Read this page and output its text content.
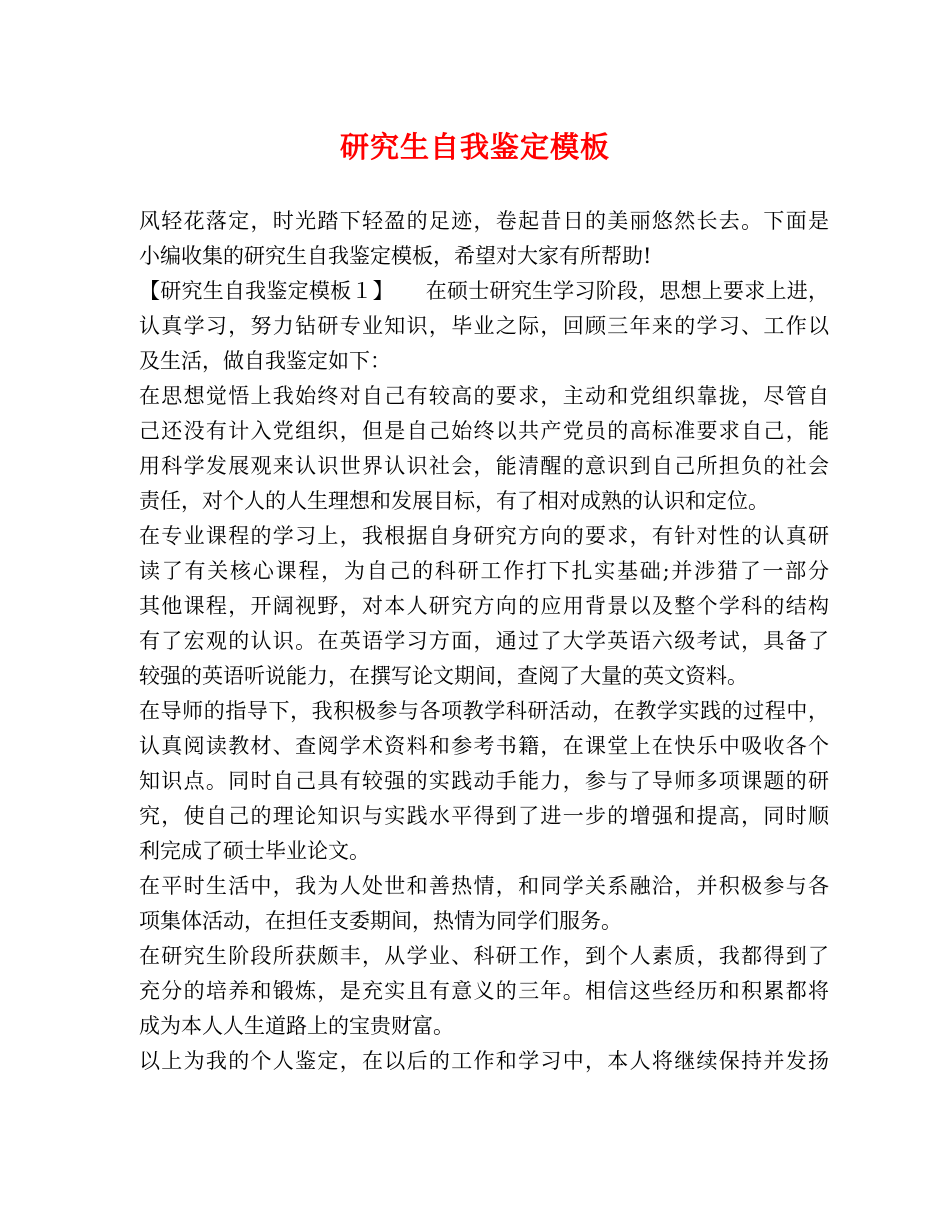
研究生自我鉴定模板
风轻花落定，时光踏下轻盈的足迹，卷起昔日的美丽悠然长去。下面是
小编收集的研究生自我鉴定模板，希望对大家有所帮助!
【研究生自我鉴定模板１】　　在硕士研究生学习阶段，思想上要求上进，
认真学习，努力钻研专业知识，毕业之际，回顾三年来的学习、工作以
及生活，做自我鉴定如下：
在思想觉悟上我始终对自己有较高的要求，主动和党组织靠拢，尽管自
己还没有计入党组织，但是自己始终以共产党员的高标准要求自己，能
用科学发展观来认识世界认识社会，能清醒的意识到自己所担负的社会
责任，对个人的人生理想和发展目标，有了相对成熟的认识和定位。
在专业课程的学习上，我根据自身研究方向的要求，有针对性的认真研
读了有关核心课程，为自己的科研工作打下扎实基础;并涉猎了一部分
其他课程，开阔视野，对本人研究方向的应用背景以及整个学科的结构
有了宏观的认识。在英语学习方面，通过了大学英语六级考试，具备了
较强的英语听说能力，在撰写论文期间，查阅了大量的英文资料。
在导师的指导下，我积极参与各项教学科研活动，在教学实践的过程中，
认真阅读教材、查阅学术资料和参考书籍，在课堂上在快乐中吸收各个
知识点。同时自己具有较强的实践动手能力，参与了导师多项课题的研
究，使自己的理论知识与实践水平得到了进一步的增强和提高，同时顺
利完成了硕士毕业论文。
在平时生活中，我为人处世和善热情，和同学关系融洽，并积极参与各
项集体活动，在担任支委期间，热情为同学们服务。
在研究生阶段所获颇丰，从学业、科研工作，到个人素质，我都得到了
充分的培养和锻炼，是充实且有意义的三年。相信这些经历和积累都将
成为本人人生道路上的宝贵财富。
以上为我的个人鉴定，在以后的工作和学习中，本人将继续保持并发扬
